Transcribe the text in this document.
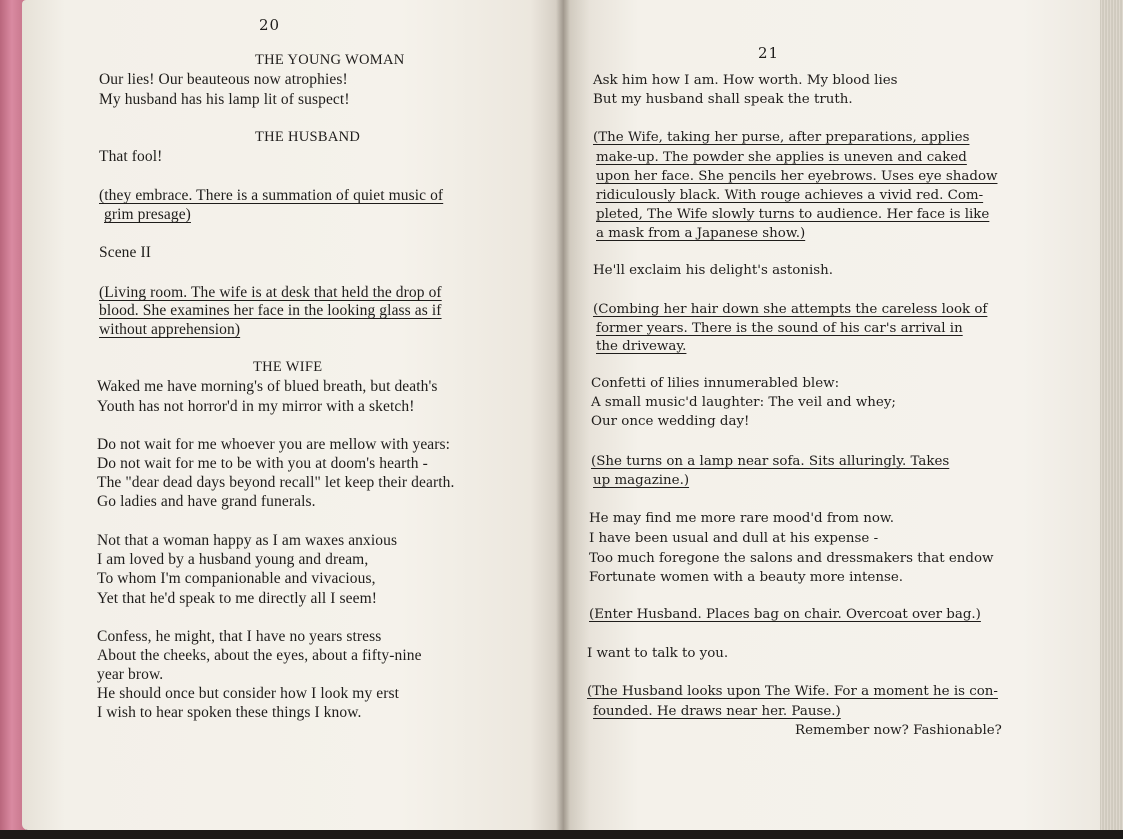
20
THE YOUNG WOMAN
Our lies! Our beauteous now atrophies!
My husband has his lamp lit of suspect!
THE HUSBAND
That fool!
(they embrace. There is a summation of quiet music of
grim presage)
Scene II
(Living room. The wife is at desk that held the drop of
blood. She examines her face in the looking glass as if
without apprehension)
THE WIFE
Waked me have morning's of blued breath, but death's
Youth has not horror'd in my mirror with a sketch!
Do not wait for me whoever you are mellow with years:
Do not wait for me to be with you at doom's hearth -
The "dear dead days beyond recall" let keep their dearth.
Go ladies and have grand funerals.
Not that a woman happy as I am waxes anxious
I am loved by a husband young and dream,
To whom I'm companionable and vivacious,
Yet that he'd speak to me directly all I seem!
Confess, he might, that I have no years stress
About the cheeks, about the eyes, about a fifty-nine
year brow.
He should once but consider how I look my erst
I wish to hear spoken these things I know.
21
Ask him how I am. How worth. My blood lies
But my husband shall speak the truth.
(The Wife, taking her purse, after preparations, applies
make-up. The powder she applies is uneven and caked
upon her face. She pencils her eyebrows. Uses eye shadow
ridiculously black. With rouge achieves a vivid red. Com-
pleted, The Wife slowly turns to audience. Her face is like
a mask from a Japanese show.)
He'll exclaim his delight's astonish.
(Combing her hair down she attempts the careless look of
former years. There is the sound of his car's arrival in
the driveway.
Confetti of lilies innumerabled blew:
A small music'd laughter: The veil and whey;
Our once wedding day!
(She turns on a lamp near sofa. Sits alluringly. Takes
up magazine.)
He may find me more rare mood'd from now.
I have been usual and dull at his expense -
Too much foregone the salons and dressmakers that endow
Fortunate women with a beauty more intense.
(Enter Husband. Places bag on chair. Overcoat over bag.)
I want to talk to you.
(The Husband looks upon The Wife. For a moment he is con-
founded. He draws near her. Pause.)
Remember now? Fashionable?
